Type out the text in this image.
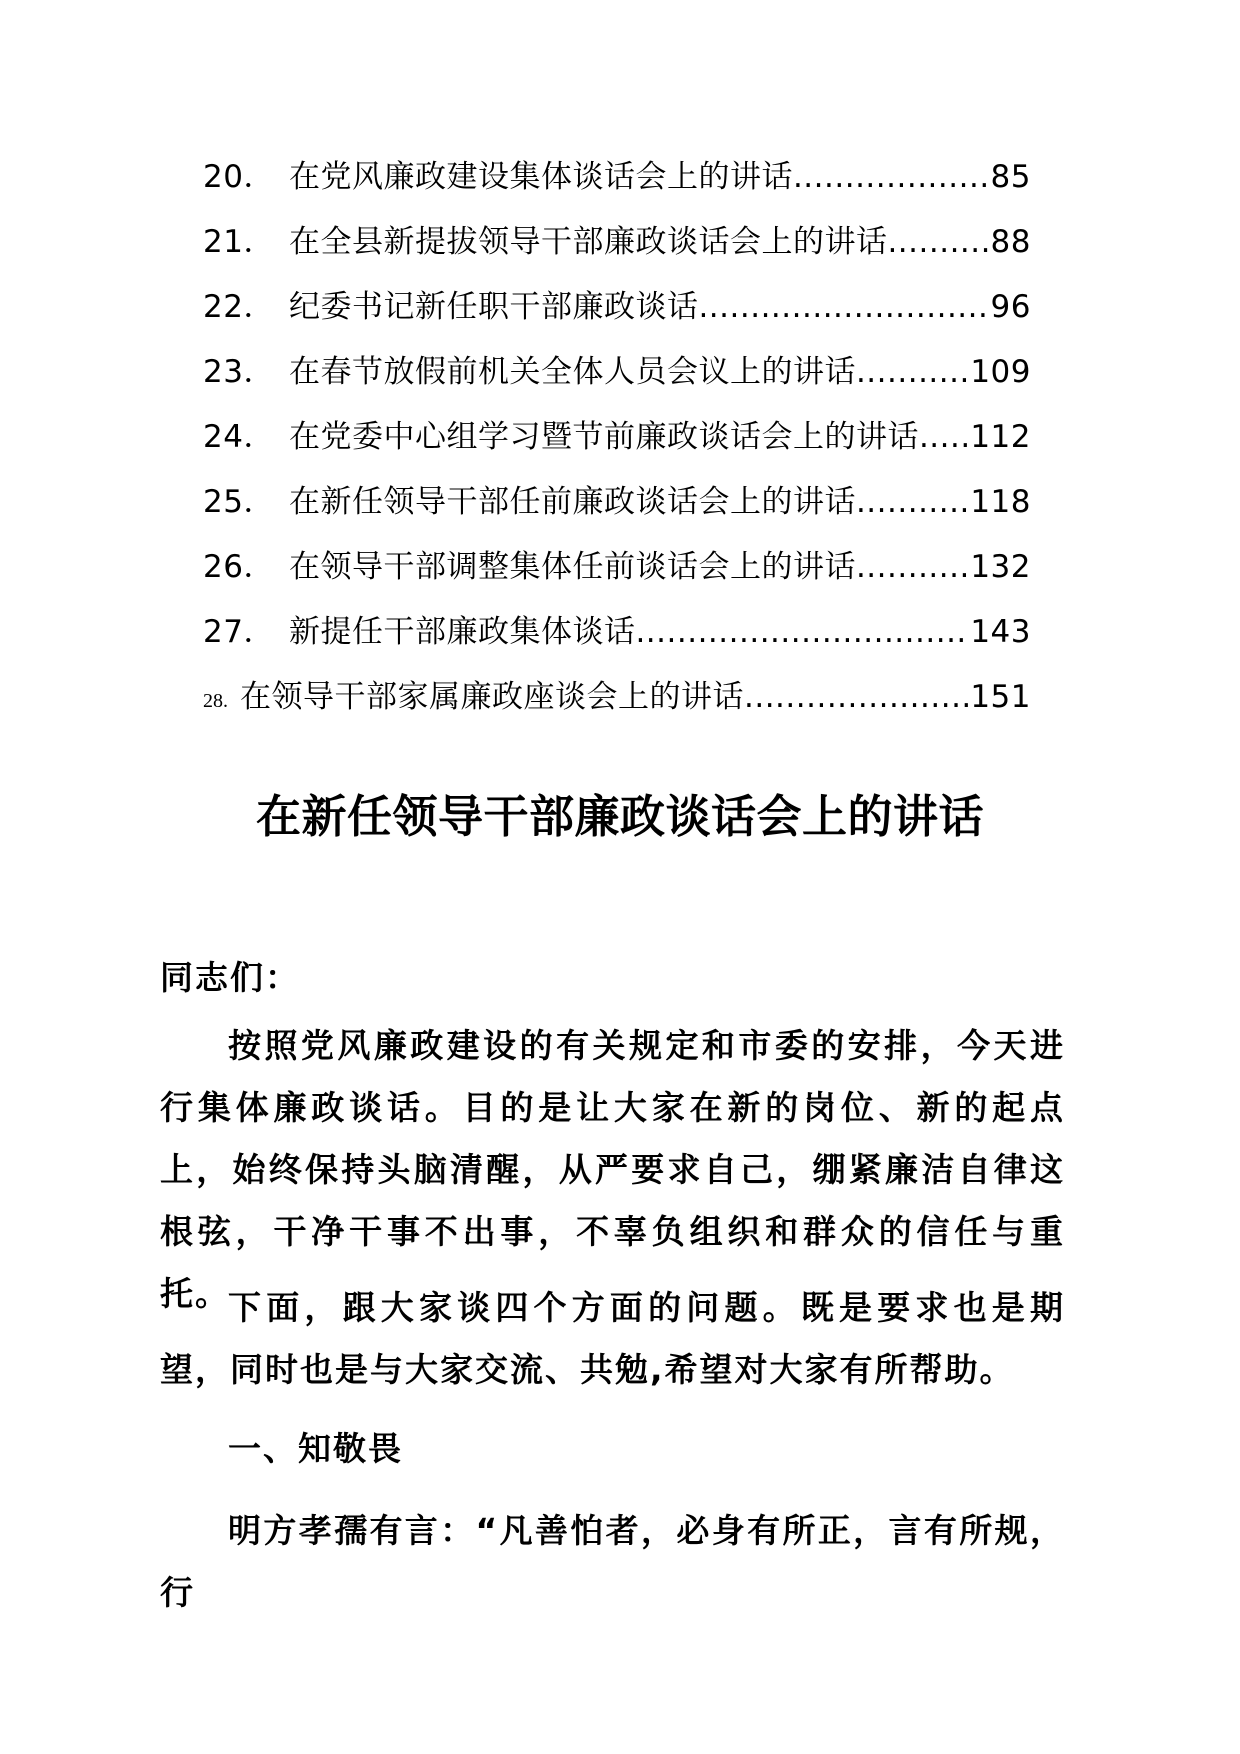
20． 在党风廉政建设集体谈话会上的讲话 .....	85
21． 在全县新提拔领导干部廉政谈话会上的讲话 .....	88
22． 纪委书记新任职干部廉政谈话 .....	96
23． 在春节放假前机关全体人员会议上的讲话 .....	109
24． 在党委中心组学习暨节前廉政谈话会上的讲话 ..... 112
25． 在新任领导干部任前廉政谈话会上的讲话 .....	118
26． 在领导干部调整集体任前谈话会上的讲话 .....	132
27． 新提任干部廉政集体谈话 .....	143
28. 在领导干部家属廉政座谈会上的讲话 .....	151
在新任领导干部廉政谈话会上的讲话

同志们：

按照党风廉政建设的有关规定和市委的安排，今天进行集体廉政谈话。目的是让大家在新的岗位、新的起点上，始终保持头脑清醒，从严要求自己，绷紧廉洁自律这根弦，干净干事不出事，不辜负组织和群众的信任与重托。

下面，跟大家谈四个方面的问题。既是要求也是期望，同时也是与大家交流、共勉,希望对大家有所帮助。

一、知敬畏

明方孝孺有言：“凡善怕者，必身有所正，言有所规，行
